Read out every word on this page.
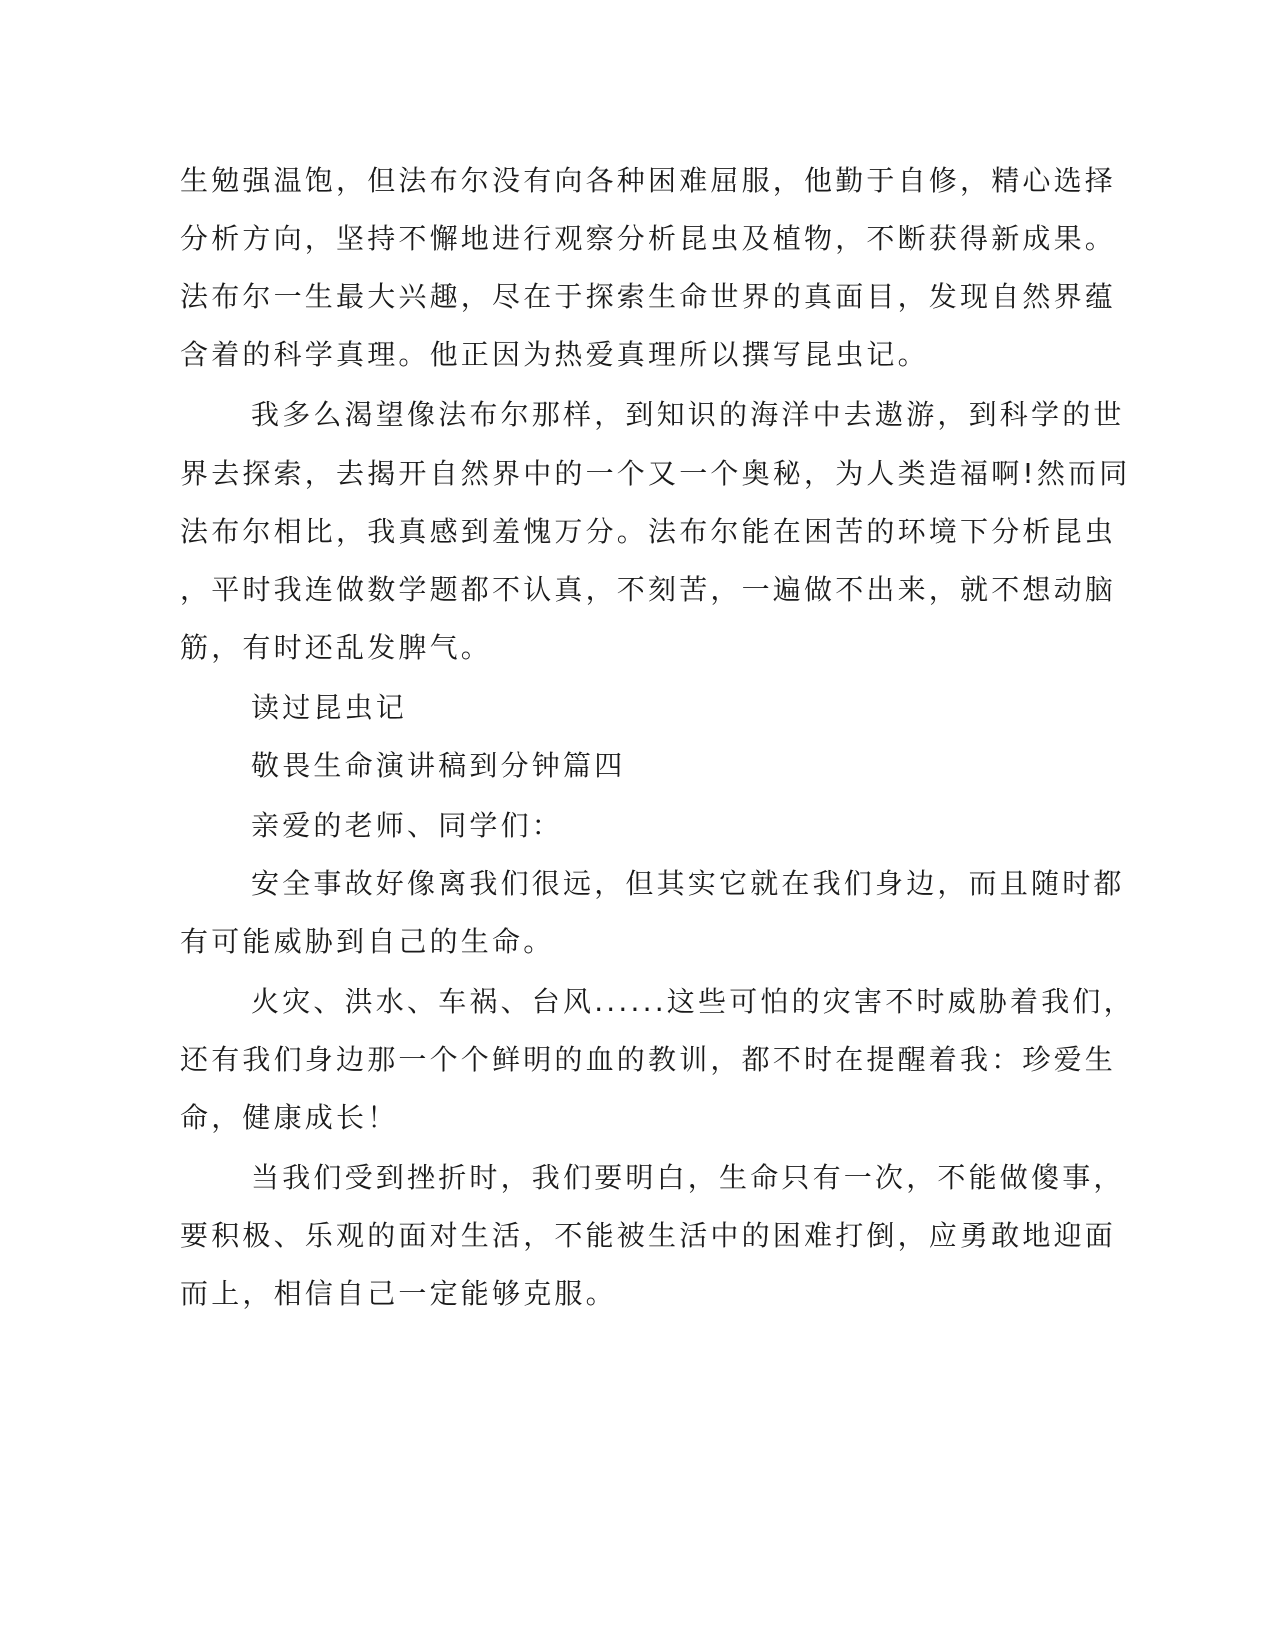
生勉强温饱，但法布尔没有向各种困难屈服，他勤于自修，精心选择
分析方向，坚持不懈地进行观察分析昆虫及植物，不断获得新成果。
法布尔一生最大兴趣，尽在于探索生命世界的真面目，发现自然界蕴
含着的科学真理。他正因为热爱真理所以撰写昆虫记。
我多么渴望像法布尔那样，到知识的海洋中去遨游，到科学的世
界去探索，去揭开自然界中的一个又一个奥秘，为人类造福啊!然而同
法布尔相比，我真感到羞愧万分。法布尔能在困苦的环境下分析昆虫
，平时我连做数学题都不认真，不刻苦，一遍做不出来，就不想动脑
筋，有时还乱发脾气。
读过昆虫记
敬畏生命演讲稿到分钟篇四
亲爱的老师、同学们：
安全事故好像离我们很远，但其实它就在我们身边，而且随时都
有可能威胁到自己的生命。
火灾、洪水、车祸、台风......这些可怕的灾害不时威胁着我们，
还有我们身边那一个个鲜明的血的教训，都不时在提醒着我：珍爱生
命，健康成长！
当我们受到挫折时，我们要明白，生命只有一次，不能做傻事，
要积极、乐观的面对生活，不能被生活中的困难打倒，应勇敢地迎面
而上，相信自己一定能够克服。
